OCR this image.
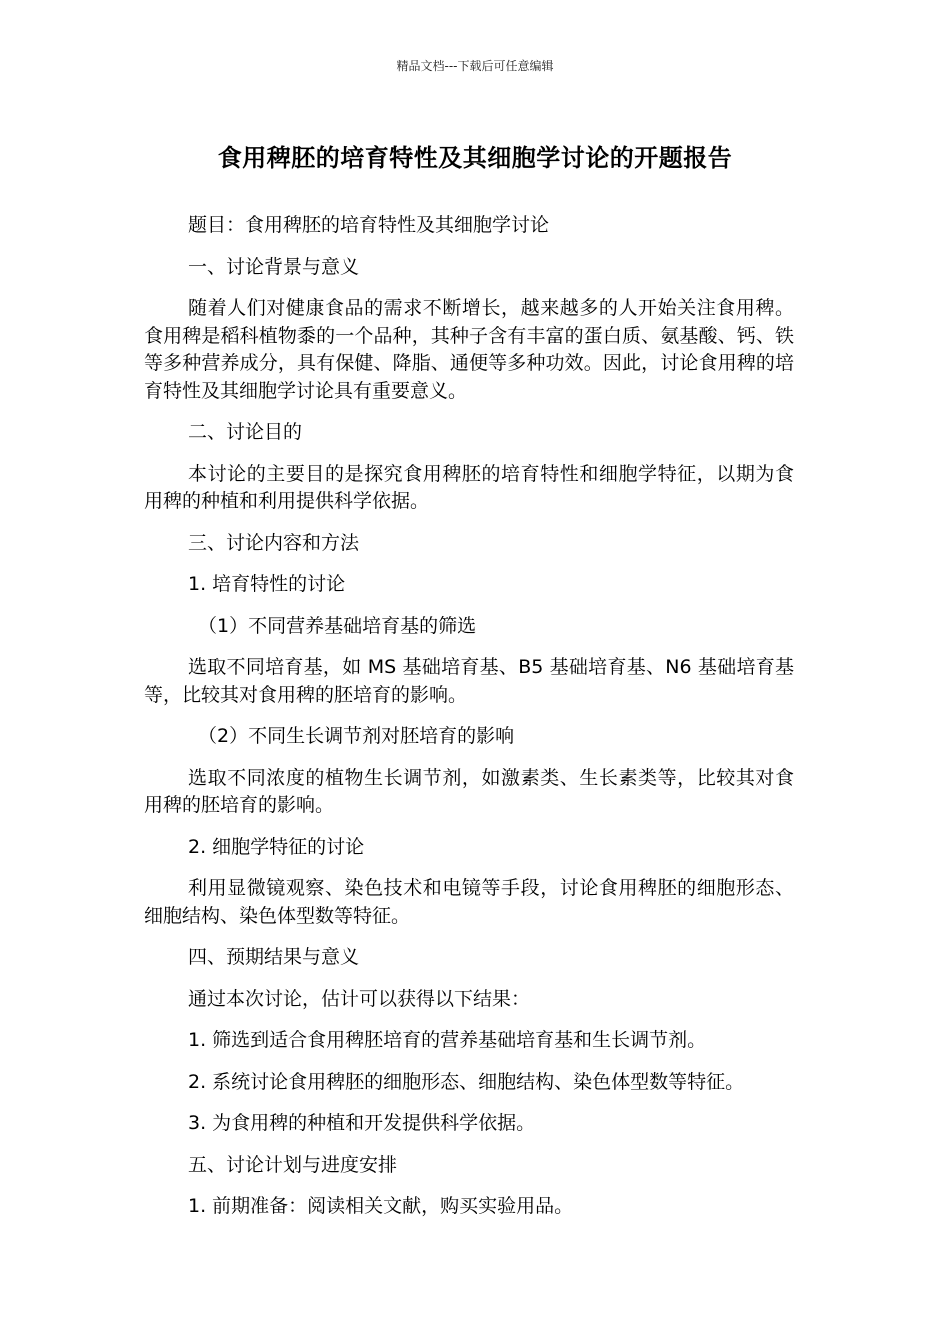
精品文档---下载后可任意编辑
食用稗胚的培育特性及其细胞学讨论的开题报告

题目：食用稗胚的培育特性及其细胞学讨论

一、讨论背景与意义

随着人们对健康食品的需求不断增长，越来越多的人开始关注食用稗。食用稗是稻科植物黍的一个品种，其种子含有丰富的蛋白质、氨基酸、钙、铁等多种营养成分，具有保健、降脂、通便等多种功效。因此，讨论食用稗的培育特性及其细胞学讨论具有重要意义。

二、讨论目的

本讨论的主要目的是探究食用稗胚的培育特性和细胞学特征，以期为食用稗的种植和利用提供科学依据。

三、讨论内容和方法

1. 培育特性的讨论

（1）不同营养基础培育基的筛选

选取不同培育基，如 MS 基础培育基、B5 基础培育基、N6 基础培育基等，比较其对食用稗的胚培育的影响。

（2）不同生长调节剂对胚培育的影响

选取不同浓度的植物生长调节剂，如激素类、生长素类等，比较其对食用稗的胚培育的影响。

2. 细胞学特征的讨论

利用显微镜观察、染色技术和电镜等手段，讨论食用稗胚的细胞形态、细胞结构、染色体型数等特征。

四、预期结果与意义

通过本次讨论，估计可以获得以下结果：

1. 筛选到适合食用稗胚培育的营养基础培育基和生长调节剂。

2. 系统讨论食用稗胚的细胞形态、细胞结构、染色体型数等特征。

3. 为食用稗的种植和开发提供科学依据。

五、讨论计划与进度安排

1. 前期准备：阅读相关文献，购买实验用品。
